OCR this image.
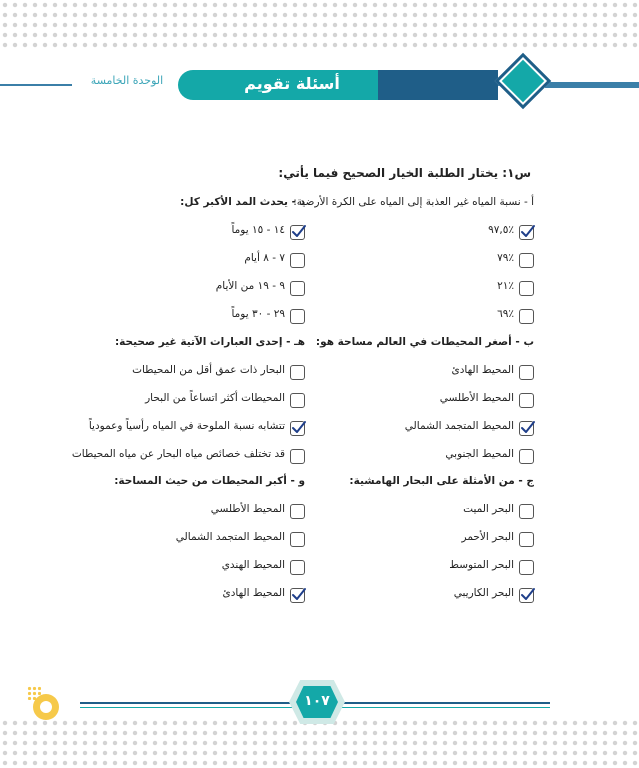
الوحدة الخامسة	أسئلة تقويم
س١: يختار الطلبة الخيار الصحيح فيما يأتي:
أ - نسبة المياه غير العذبة إلى المياه على الكرة الأرضية:
٪٩٧,٥
٪٧٩
٪٢١
٪٦٩
ب - أصغر المحيطات في العالم مساحة هو:
المحيط الهادئ
المحيط الأطلسي
المحيط المتجمد الشمالي
المحيط الجنوبي
ج - من الأمثلة على البحار الهامشية:
البحر الميت
البحر الأحمر
البحر المتوسط
البحر الكاريبي
د - يحدث المد الأكبر كل:
١٤ - ١٥ يوماً
٧ - ٨ أيام
٩ - ١٩ من الأيام
٢٩ - ٣٠ يوماً
هـ - إحدى العبارات الآتية غير صحيحة:
البحار ذات عمق أقل من المحيطات
المحيطات أكثر اتساعاً من البحار
تتشابه نسبة الملوحة في المياه رأسياً وعمودياً
قد تختلف خصائص مياه البحار عن مياه المحيطات
و - أكبر المحيطات من حيث المساحة:
المحيط الأطلسي
المحيط المتجمد الشمالي
المحيط الهندي
المحيط الهادئ
١٠٧
